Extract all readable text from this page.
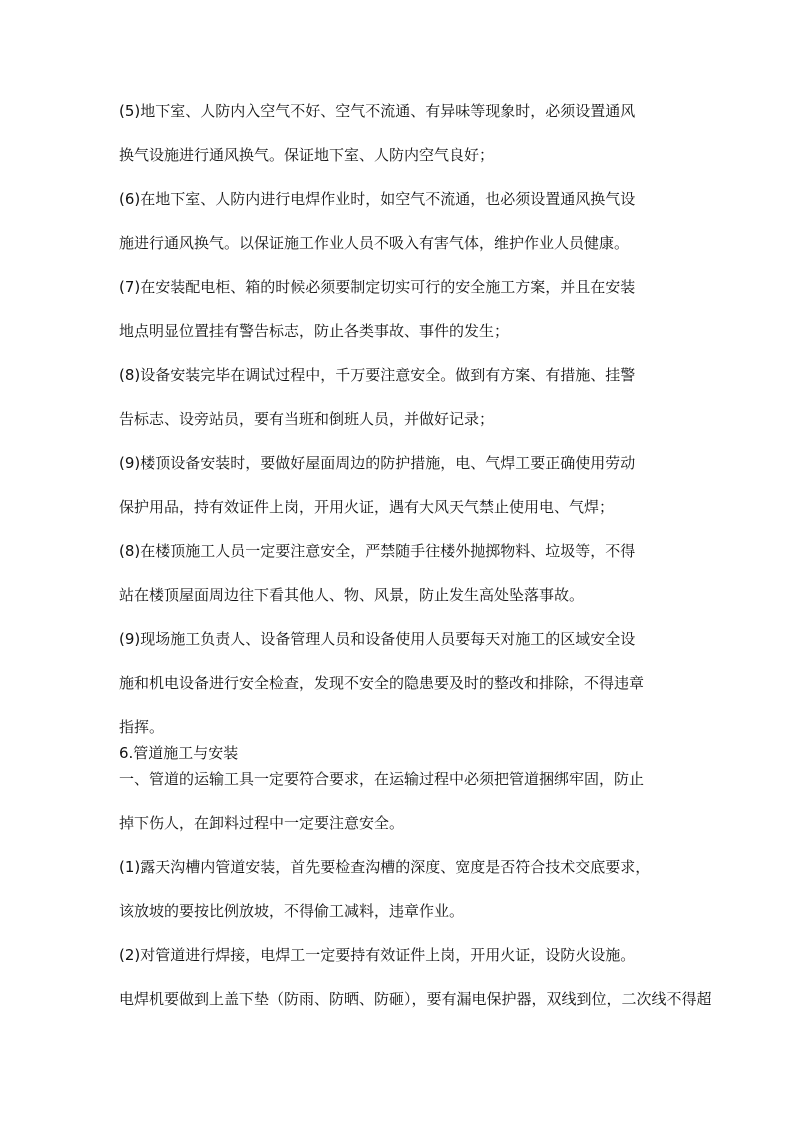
(5)地下室、人防内入空气不好、空气不流通、有异味等现象时，必须设置通风
换气设施进行通风换气。保证地下室、人防内空气良好；
(6)在地下室、人防内进行电焊作业时，如空气不流通，也必须设置通风换气设
施进行通风换气。以保证施工作业人员不吸入有害气体，维护作业人员健康。
(7)在安装配电柜、箱的时候必须要制定切实可行的安全施工方案，并且在安装
地点明显位置挂有警告标志，防止各类事故、事件的发生；
(8)设备安装完毕在调试过程中，千万要注意安全。做到有方案、有措施、挂警
告标志、设旁站员，要有当班和倒班人员，并做好记录；
(9)楼顶设备安装时，要做好屋面周边的防护措施，电、气焊工要正确使用劳动
保护用品，持有效证件上岗，开用火证，遇有大风天气禁止使用电、气焊；
(8)在楼顶施工人员一定要注意安全，严禁随手往楼外抛掷物料、垃圾等，不得
站在楼顶屋面周边往下看其他人、物、风景，防止发生高处坠落事故。
(9)现场施工负责人、设备管理人员和设备使用人员要每天对施工的区域安全设
施和机电设备进行安全检查，发现不安全的隐患要及时的整改和排除，不得违章
指挥。
6.管道施工与安装
一、管道的运输工具一定要符合要求，在运输过程中必须把管道捆绑牢固，防止
掉下伤人，在卸料过程中一定要注意安全。
(1)露天沟槽内管道安装，首先要检查沟槽的深度、宽度是否符合技术交底要求，
该放坡的要按比例放坡，不得偷工减料，违章作业。
(2)对管道进行焊接，电焊工一定要持有效证件上岗，开用火证，设防火设施。
电焊机要做到上盖下垫（防雨、防晒、防砸），要有漏电保护器，双线到位，二次线不得超
